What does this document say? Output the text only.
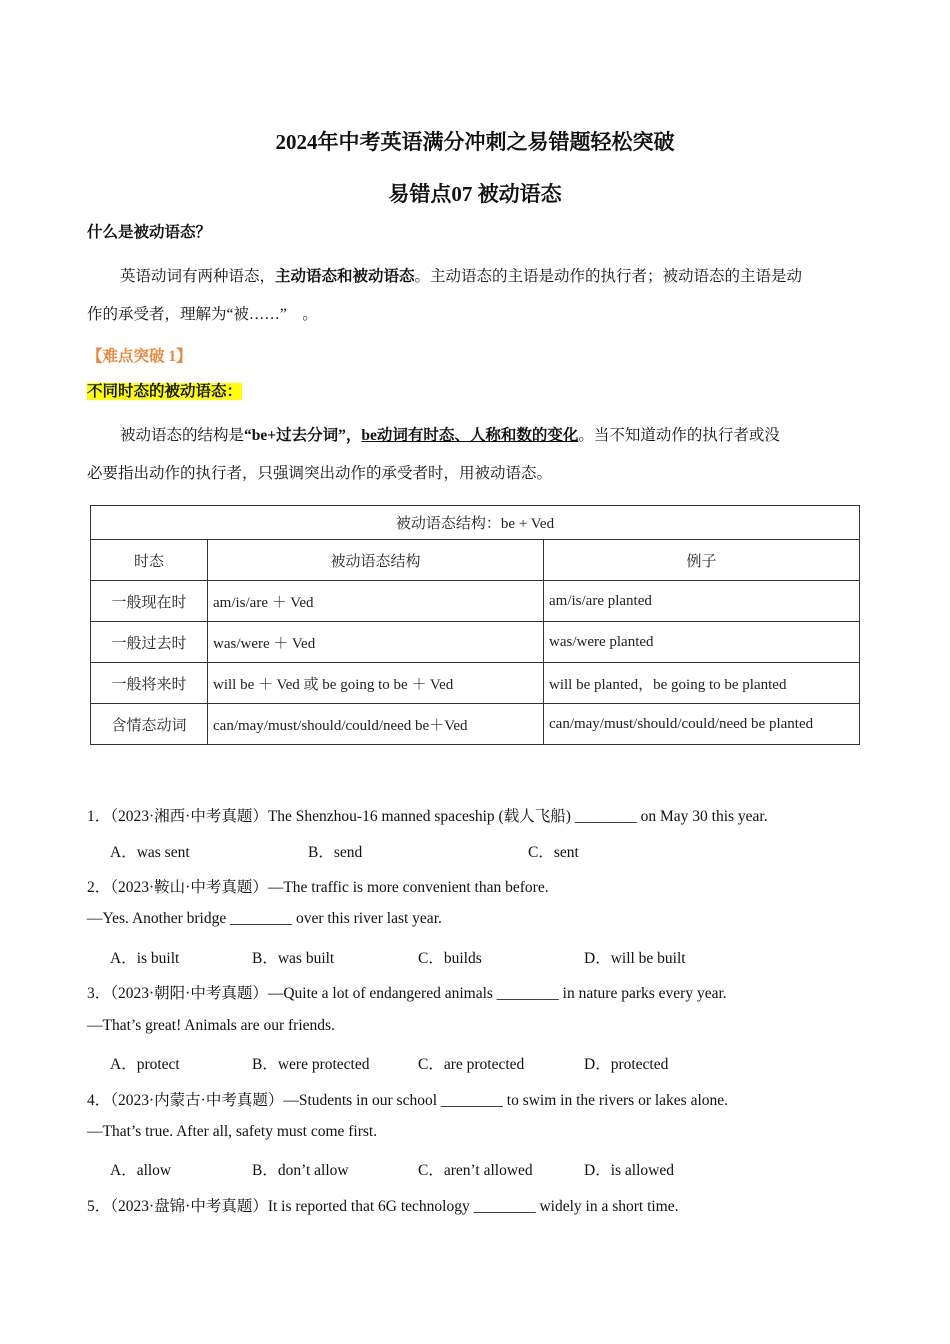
2024年中考英语满分冲刺之易错题轻松突破
易错点07 被动语态
什么是被动语态？
英语动词有两种语态，主动语态和被动语态。主动语态的主语是动作的执行者；被动语态的主语是动
作的承受者，理解为“被……”　。
【难点突破 1】
不同时态的被动语态：
被动语态的结构是“be+过去分词”，be动词有时态、人称和数的变化。当不知道动作的执行者或没
必要指出动作的执行者，只强调突出动作的承受者时，用被动语态。
被动语态结构：be + Ved		
时态	被动语态结构	例子
一般现在时	am/is/are ＋ Ved	am/is/are planted
一般过去时	was/were ＋ Ved	was/were planted
一般将来时	will be ＋ Ved 或 be going to be ＋ Ved	will be planted，be going to be planted
含情态动词	can/may/must/should/could/need be＋Ved	can/may/must/should/could/need be planted
1．（2023·湘西·中考真题）The Shenzhou-16 manned spaceship (载人飞船) ________ on May 30 this year.
A．was sent	B．send	C．sent
2．（2023·鞍山·中考真题）—The traffic is more convenient than before.
—Yes. Another bridge ________ over this river last year.
A．is built	B．was built	C．builds	D．will be built
3．（2023·朝阳·中考真题）—Quite a lot of endangered animals ________ in nature parks every year.
—That’s great! Animals are our friends.
A．protect	B．were protected	C．are protected	D．protected
4．（2023·内蒙古·中考真题）—Students in our school ________ to swim in the rivers or lakes alone.
—That’s true. After all, safety must come first.
A．allow	B．don’t allow	C．aren’t allowed	D．is allowed
5．（2023·盘锦·中考真题）It is reported that 6G technology ________ widely in a short time.
